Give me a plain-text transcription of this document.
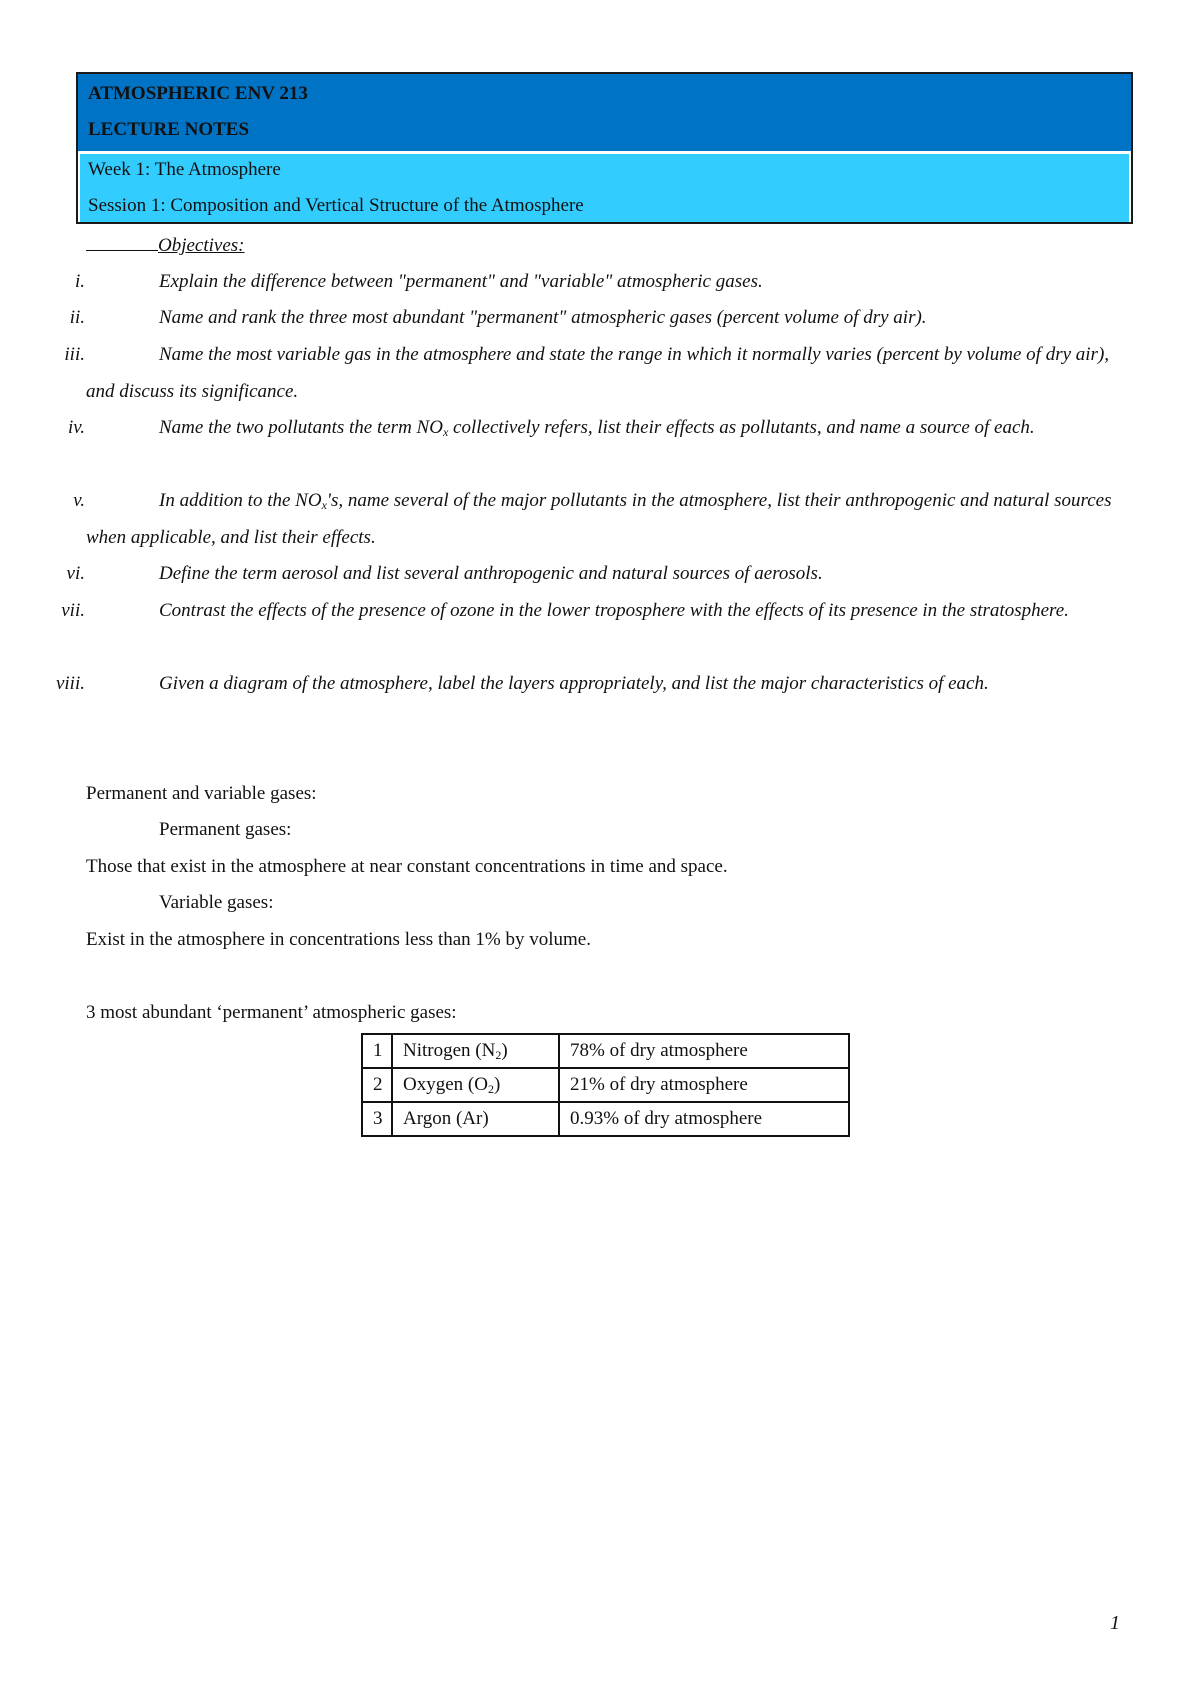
ATMOSPHERIC ENV 213
LECTURE NOTES
Week 1: The Atmosphere
Session 1: Composition and Vertical Structure of the Atmosphere
Objectives:
i.	Explain the difference between "permanent" and "variable" atmospheric gases.
ii.	Name and rank the three most abundant "permanent" atmospheric gases (percent volume of dry air).
iii.	Name the most variable gas in the atmosphere and state the range in which it normally varies (percent by volume of dry air), and discuss its significance.
iv.	Name the two pollutants the term $NO_x$ collectively refers, list their effects as pollutants, and name a source of each.
v.	In addition to the $NO_x's$, name several of the major pollutants in the atmosphere, list their anthropogenic and natural sources when applicable, and list their effects.
vi.	Define the term aerosol and list several anthropogenic and natural sources of aerosols.
vii.	Contrast the effects of the presence of ozone in the lower troposphere with the effects of its presence in the stratosphere.
viii.	Given a diagram of the atmosphere, label the layers appropriately, and list the major characteristics of each.
Permanent and variable gases:
Permanent gases:
Those that exist in the atmosphere at near constant concentrations in time and space.
Variable gases:
Exist in the atmosphere in concentrations less than 1% by volume.
3 most abundant ‘permanent’ atmospheric gases:
1	Nitrogen $(N_2)$	78% of dry atmosphere
2	Oxygen $(O_2)$	21% of dry atmosphere
3	Argon (Ar)	0.93% of dry atmosphere
1
